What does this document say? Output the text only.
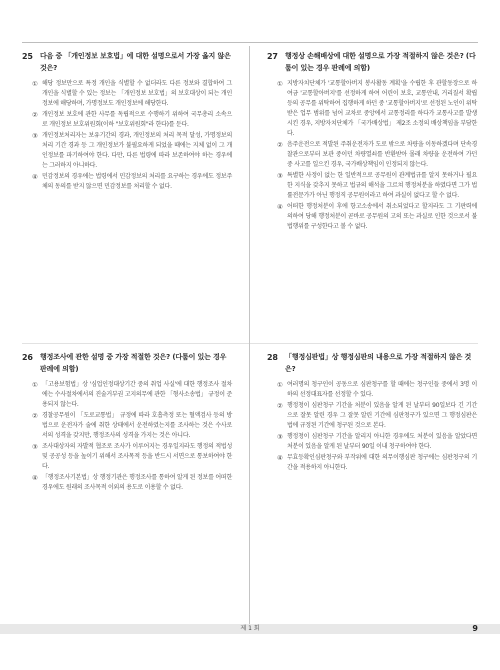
25	다음 중 「개인정보 보호법」에 대한 설명으로서 가장 옳지 않은 것은?
① 해당 정보만으로 특정 개인을 식별할 수 없더라도 다른 정보와 결합하여 그 개인을 식별할 수 있는 정보는 「개인정보 보호법」의 보호대상이 되는 개인정보에 해당하며, 가명정보도 개인정보에 해당한다.
② 개인정보 보호에 관한 사무를 독립적으로 수행하기 위하여 국무총리 소속으로 개인정보 보호위원회(이하 "보호위원회"라 한다)를 둔다.
③ 개인정보처리자는 보유기간의 경과, 개인정보의 처리 목적 달성, 가명정보의 처리 기간 경과 등 그 개인정보가 불필요하게 되었을 때에는 지체 없이 그 개인정보를 파기하여야 한다. 다만, 다른 법령에 따라 보존하여야 하는 경우에는 그러하지 아니하다.
④ 민감정보의 경우에는 법령에서 민감정보의 처리를 요구하는 경우에도 정보주체의 동의를 받지 않으면 민감정보를 처리할 수 없다.
26	행정조사에 관한 설명 중 가장 적절한 것은? (다툼이 있는 경우 판례에 의함)
① 「고용보험법」상 '심업인정대상기간 중의 취업 사실'에 대한 행정조사 절차에는 수사절차에서의 진술거부권 고지의무에 관한 「형사소송법」 규정이 준용되지 않는다.
② 경찰공무원이 「도로교통법」 규정에 따라 호흡측정 또는 혈액검사 등의 방법으로 운전자가 술에 취한 상태에서 운전하였는지를 조사하는 것은 수사로서의 성격을 갖지만, 행정조사의 성격을 가지는 것은 아니다.
③ 조사대상자의 자발적 협조로 조사가 이루어지는 경우일지라도 행정의 적법성 및 공공성 등을 높이기 위해서 조사목적 등을 반드시 서면으로 통보하여야 한다.
④ 「행정조사기본법」상 행정기관은 행정조사를 통하여 알게 된 정보를 어떠한 경우에도 원래의 조사목적 이외의 용도로 이용할 수 없다.
27	행정상 손해배상에 대한 설명으로 가장 적절하지 않은 것은? (다툼이 있는 경우 판례에 의함)
① 지방자치단체가 '교통할아버지 봉사활동 계획'을 수립한 후 관할동장으로 하여금 '교통할아버지'를 선정하게 하여 어린이 보호, 교통안내, 거리질서 확립 등의 공무를 위탁하여 집행하게 하던 중 '교통할아버지'로 선정된 노인이 위탁받은 업무 범위를 넘어 교차로 중앙에서 교통정리를 하다가 교통사고를 발생시킨 경우, 지방자치단체가 「국가배상법」 제2조 소정의 배상책임을 부담한다.
② 음주운전으로 적발된 주취운전자가 도로 밖으로 차량을 이동하겠다며 단속경찰관으로부터 보관 중이던 차량열쇠를 반환받아 몰래 차량을 운전하여 가던 중 사고를 일으킨 경우, 국가배상책임이 인정되지 않는다.
③ 특별한 사정이 없는 한 일반적으로 공무원이 관계법규를 알지 못하거나 필요한 지식을 갖추지 못하고 법규의 해석을 그르쳐 행정처분을 하였다면 그가 법률전문가가 아닌 행정직 공무원이라고 하여 과실이 없다고 할 수 없다.
④ 어떠한 행정처분이 후에 항고소송에서 취소되었다고 할지라도 그 기판력에 의하여 당해 행정처분이 곧바로 공무원의 고의 또는 과실로 인한 것으로서 불법행위를 구성한다고 볼 수 없다.
28	「행정심판법」상 행정심판의 내용으로 가장 적절하지 않은 것은?
① 여러명의 청구인이 공동으로 심판청구를 할 때에는 청구인들 중에서 3명 이하의 선정대표자를 선정할 수 있다.
② 행정청이 심판청구 기간을 처분이 있음을 알게 된 날부터 90일보다 긴 기간으로 잘못 알린 경우 그 잘못 알린 기간에 심판청구가 있으면 그 행정심판은 법에 규정된 기간에 청구된 것으로 본다.
③ 행정청이 심판청구 기간을 알리지 아니한 경우에도 처분이 있음을 알았다면 처분이 있음을 알게 된 날부터 90일 이내 청구하여야 한다.
④ 무효등확인심판청구와 부작위에 대한 의무이행심판 청구에는 심판청구의 기간을 적용하지 아니한다.
제 1 회	9
